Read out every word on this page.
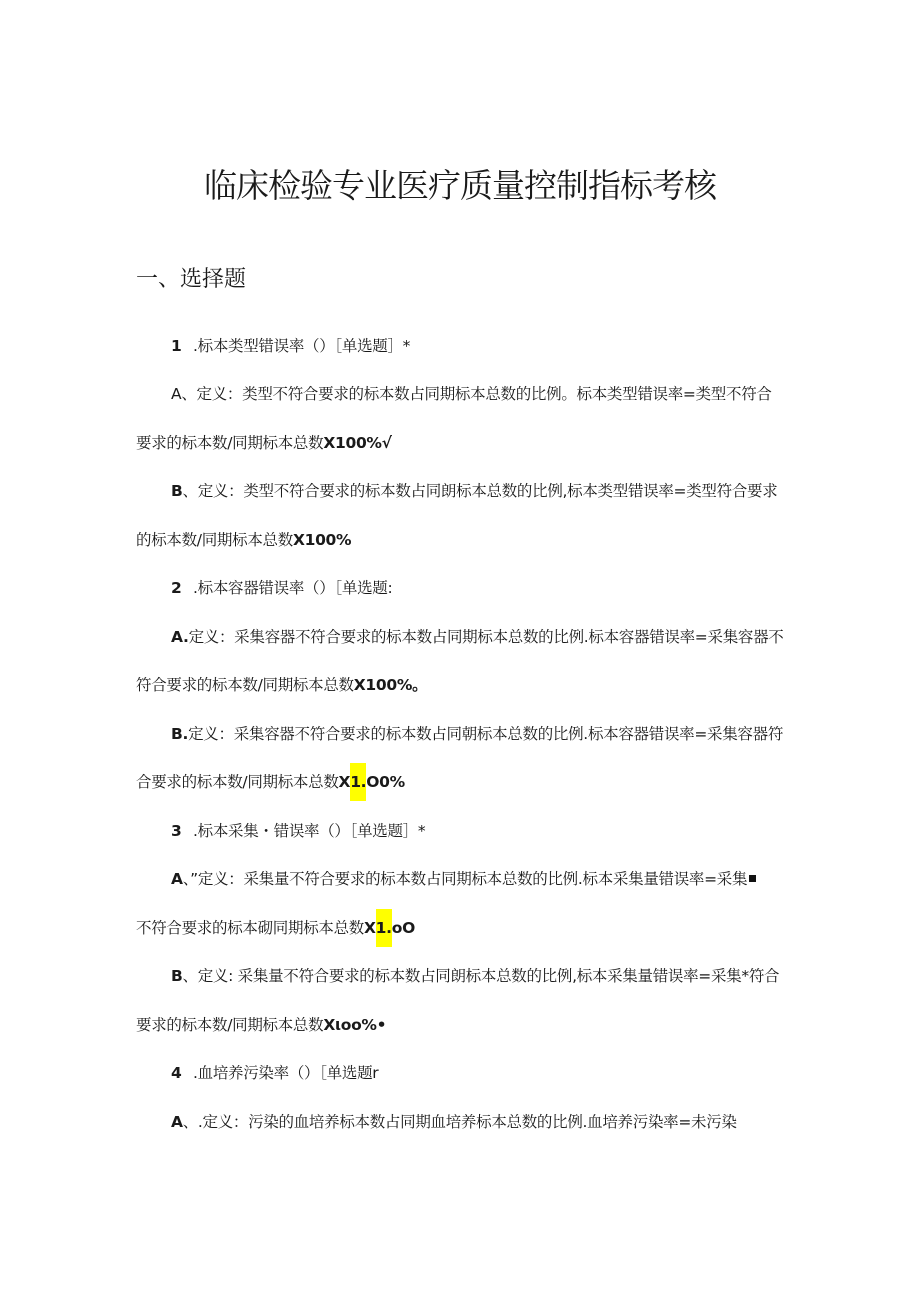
临床检验专业医疗质量控制指标考核
一、选择题
1 .标本类型错误率（）［单选题］*
A、定义：类型不符合要求的标本数占同期标本总数的比例。标本类型错误率=类型不符合
要求的标本数/同期标本总数X100%√
B、定义：类型不符合要求的标本数占同朗标本总数的比例,标本类型错误率=类型符合要求
的标本数/同期标本总数X100%
2 .标本容器错误率（）［单选题:
A.定义：采集容器不符合要求的标本数占同期标本总数的比例.标本容器错误率=采集容器不
符合要求的标本数/同期标本总数X100%。
B.定义：采集容器不符合要求的标本数占同朝标本总数的比例.标本容器错误率=采集容器符
合要求的标本数/同期标本总数X1.O0%
3 .标本采集・错误率（）［单选题］*
A、”定义：采集量不符合要求的标本数占同期标本总数的比例.标本采集量错误率=采集
不符合要求的标本砌同期标本总数X1.oO
B、定义: 采集量不符合要求的标本数占同朗标本总数的比例,标本采集量错误率=采集*符合
要求的标本数/同期标本总数Xιoo%•
4 .血培养污染率（）［单选题r
A、.定义：污染的血培养标本数占同期血培养标本总数的比例.血培养污染率=未污染
